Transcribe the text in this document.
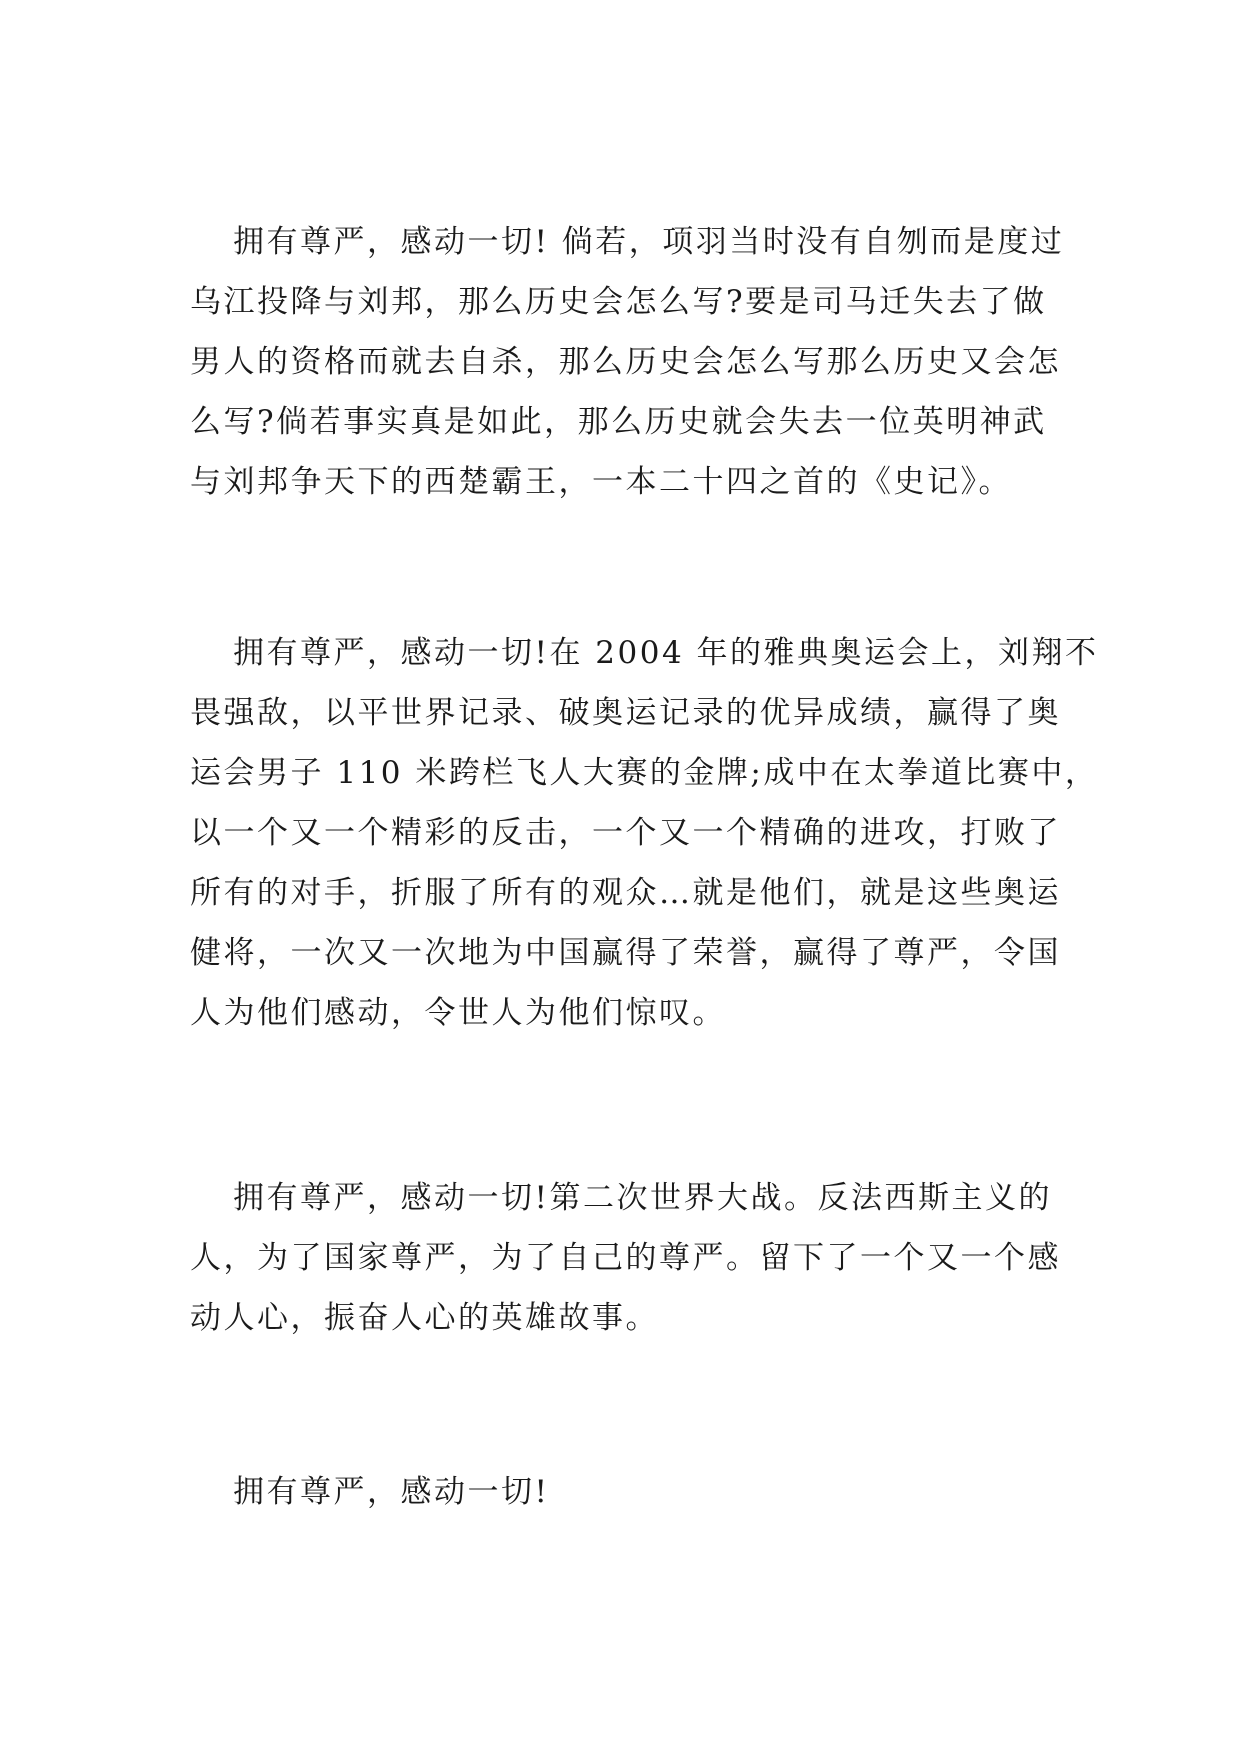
拥有尊严，感动一切! 倘若，项羽当时没有自刎而是度过
乌江投降与刘邦，那么历史会怎么写?要是司马迁失去了做
男人的资格而就去自杀，那么历史会怎么写那么历史又会怎
么写?倘若事实真是如此，那么历史就会失去一位英明神武
与刘邦争天下的西楚霸王，一本二十四之首的《史记》。

拥有尊严，感动一切!在 2004 年的雅典奥运会上，刘翔不
畏强敌，以平世界记录、破奥运记录的优异成绩，赢得了奥
运会男子 110 米跨栏飞人大赛的金牌;成中在太拳道比赛中，
以一个又一个精彩的反击，一个又一个精确的进攻，打败了
所有的对手，折服了所有的观众…就是他们，就是这些奥运
健将，一次又一次地为中国赢得了荣誉，赢得了尊严，令国
人为他们感动，令世人为他们惊叹。

拥有尊严，感动一切!第二次世界大战。反法西斯主义的
人，为了国家尊严，为了自己的尊严。留下了一个又一个感
动人心，振奋人心的英雄故事。

拥有尊严，感动一切!
